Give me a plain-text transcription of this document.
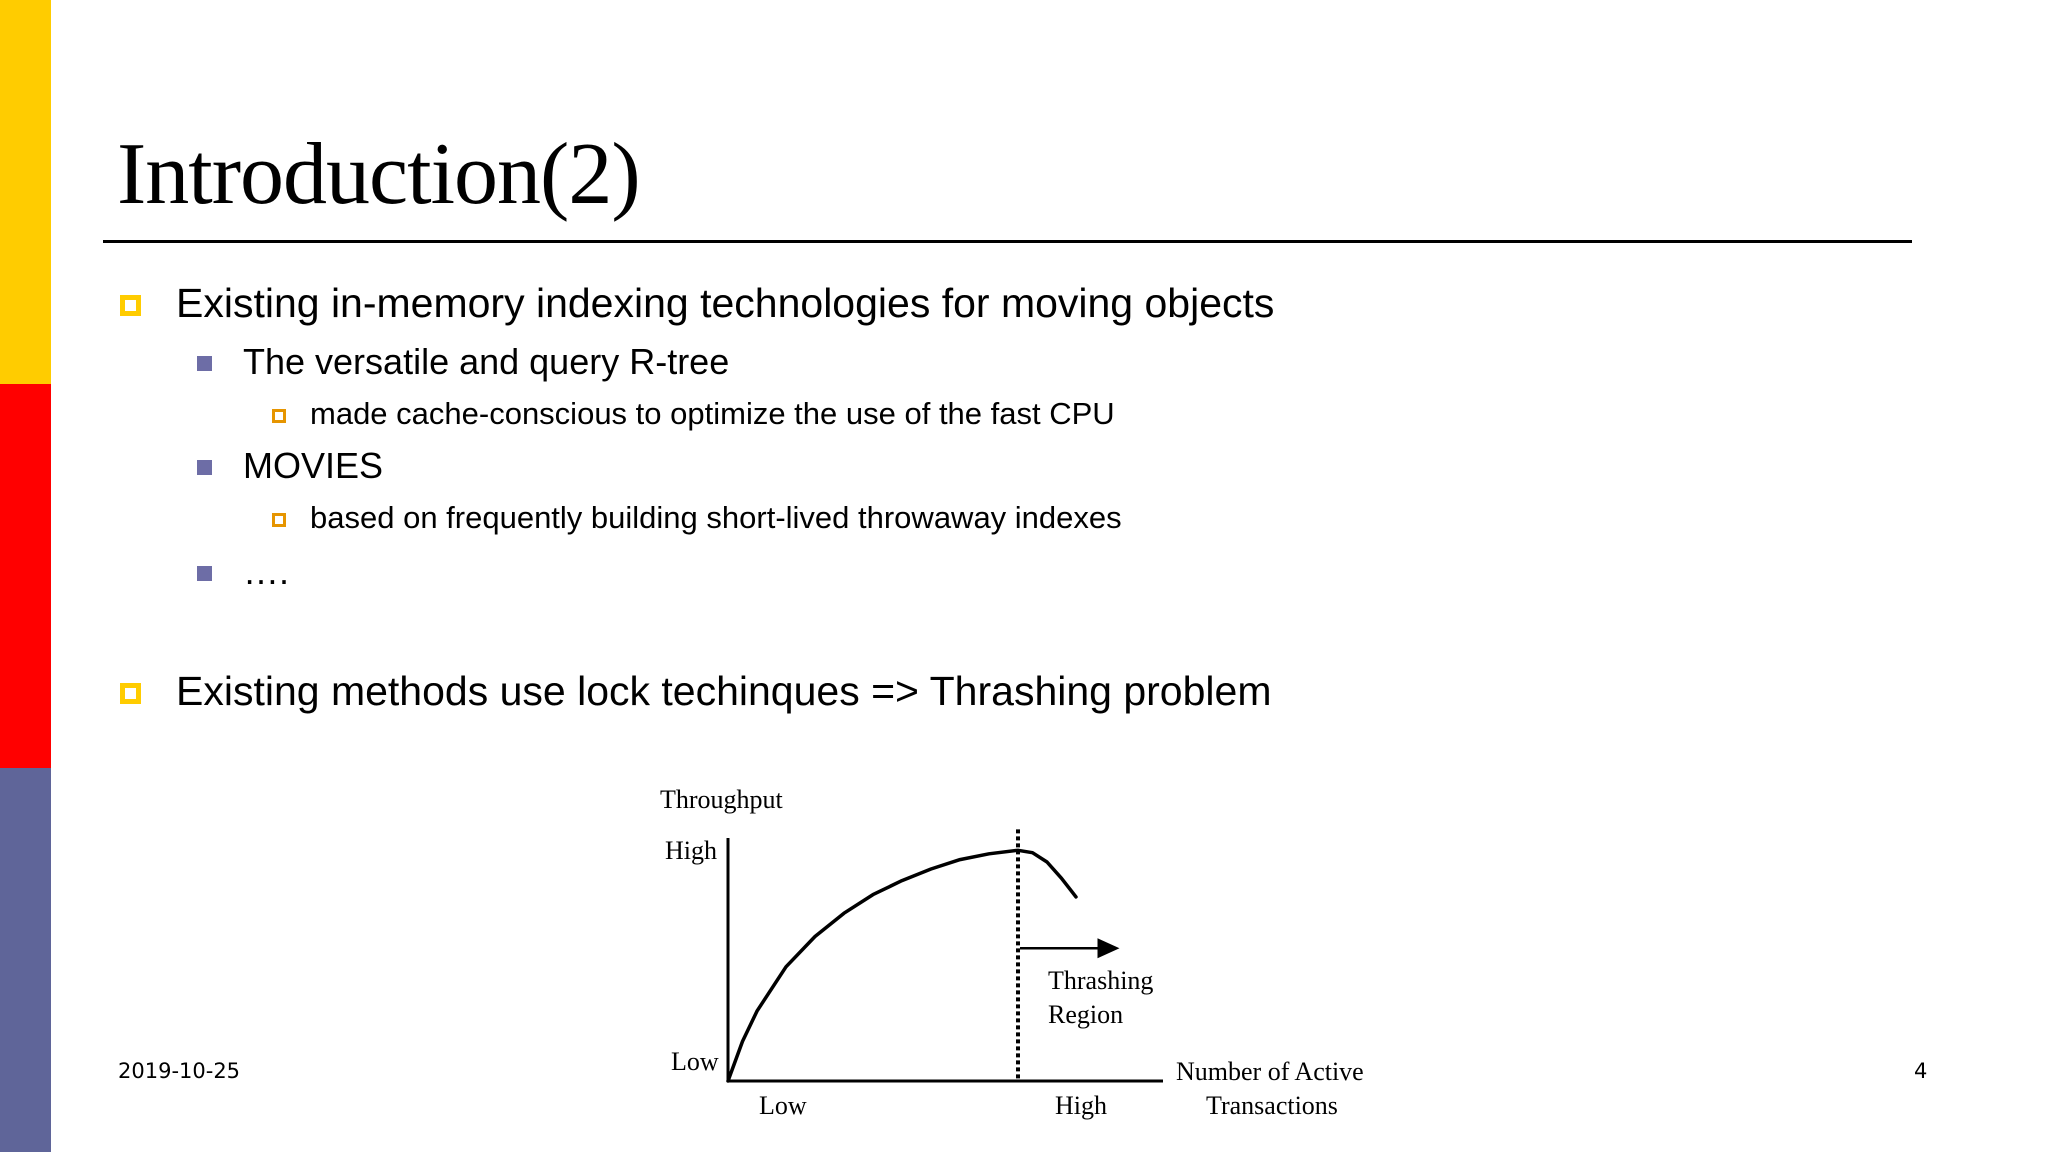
Introduction(2)
Existing in-memory indexing technologies for moving objects
The versatile and query R-tree
made cache-conscious to optimize the use of the fast CPU
MOVIES
based on frequently building short-lived throwaway indexes
….
Existing methods use lock techinques => Thrashing problem
Throughput
High
Low
Low	High
Number of Active
Transactions
Thrashing
Region
2019-10-25	4
